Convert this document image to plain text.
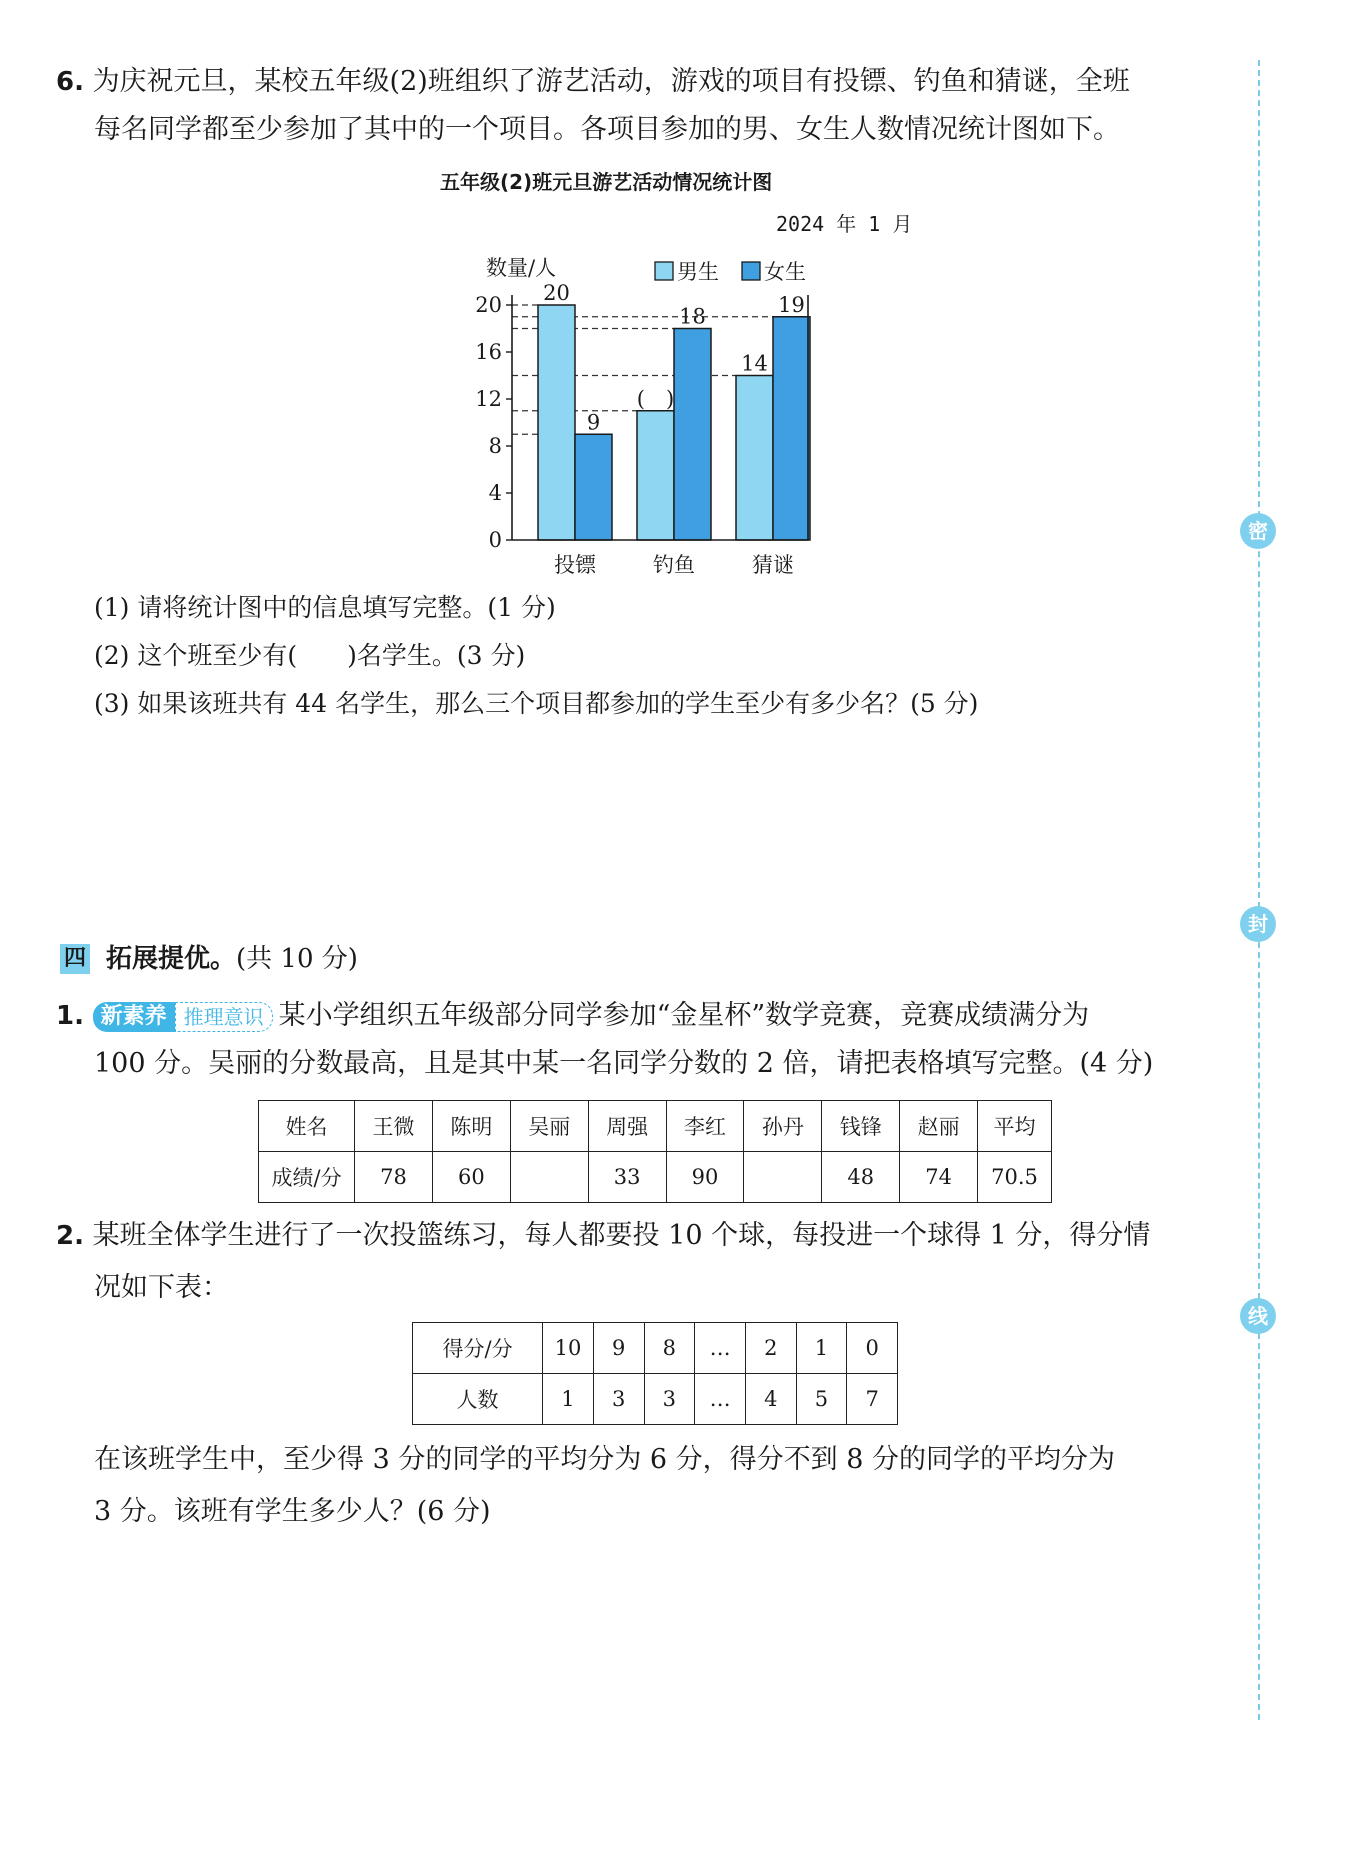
密
封
线
6. 为庆祝元旦，某校五年级(2)班组织了游艺活动，游戏的项目有投镖、钓鱼和猜谜，全班
每名同学都至少参加了其中的一个项目。各项目参加的男、女生人数情况统计图如下。
五年级(2)班元旦游艺活动情况统计图
2024 年 1 月
数量/人	男生 女生
20
(　)
14
9
18	19
0
4
8
12
16
20
投镖	钓鱼	猜谜
(1) 请将统计图中的信息填写完整。(1 分)
(2) 这个班至少有(　　)名学生。(3 分)
(3) 如果该班共有 44 名学生，那么三个项目都参加的学生至少有多少名？(5 分)
四 拓展提优。(共 10 分)
1. 新素养 推理意识 某小学组织五年级部分同学参加“金星杯”数学竞赛，竞赛成绩满分为
100 分。吴丽的分数最高，且是其中某一名同学分数的 2 倍，请把表格填写完整。(4 分)
姓名	王微	陈明	吴丽	周强	李红	孙丹	钱锋	赵丽	平均
成绩/分	78	60		33	90		48	74	70.5
2. 某班全体学生进行了一次投篮练习，每人都要投 10 个球，每投进一个球得 1 分，得分情
况如下表：
得分/分	10	9	8	…	2	1	0
人数	1	3	3	…	4	5	7
在该班学生中，至少得 3 分的同学的平均分为 6 分，得分不到 8 分的同学的平均分为
3 分。该班有学生多少人？(6 分)
